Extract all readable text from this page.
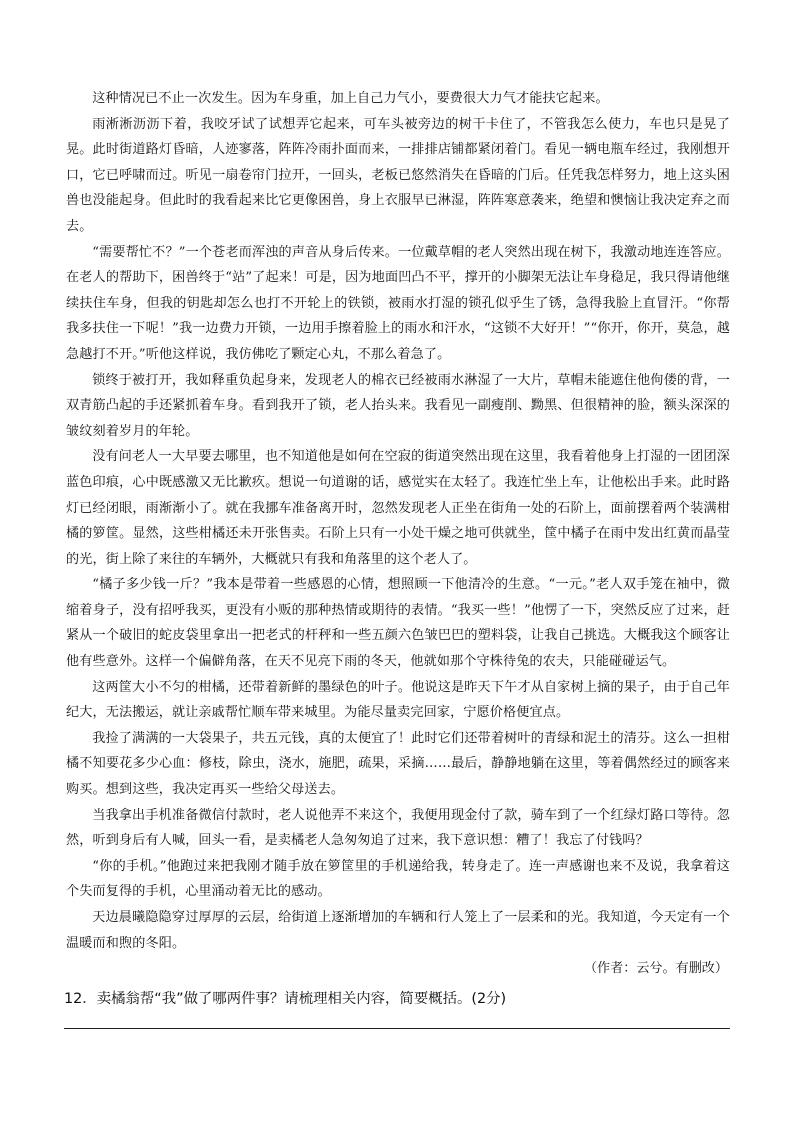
这种情况已不止一次发生。因为车身重，加上自己力气小，要费很大力气才能扶它起来。

雨淅淅沥沥下着，我咬牙试了试想弄它起来，可车头被旁边的树干卡住了，不管我怎么使力，车也只是晃了晃。此时街道路灯昏暗，人迹寥落，阵阵冷雨扑面而来，一排排店铺都紧闭着门。看见一辆电瓶车经过，我刚想开口，它已呼啸而过。听见一扇卷帘门拉开，一回头，老板已悠然消失在昏暗的门后。任凭我怎样努力，地上这头困兽也没能起身。但此时的我看起来比它更像困兽，身上衣服早已淋湿，阵阵寒意袭来，绝望和懊恼让我决定弃之而去。

“需要帮忙不？”一个苍老而浑浊的声音从身后传来。一位戴草帽的老人突然出现在树下，我激动地连连答应。在老人的帮助下，困兽终于“站”了起来！可是，因为地面凹凸不平，撑开的小脚架无法让车身稳足，我只得请他继续扶住车身，但我的钥匙却怎么也打不开轮上的铁锁，被雨水打湿的锁孔似乎生了锈，急得我脸上直冒汗。“你帮我多扶住一下呢！”我一边费力开锁，一边用手擦着脸上的雨水和汗水，“这锁不大好开！”“你开，你开，莫急，越急越打不开。”听他这样说，我仿佛吃了颗定心丸，不那么着急了。

锁终于被打开，我如释重负起身来，发现老人的棉衣已经被雨水淋湿了一大片，草帽未能遮住他佝偻的背，一双青筋凸起的手还紧抓着车身。看到我开了锁，老人抬头来。我看见一副瘦削、黝黑、但很精神的脸，额头深深的皱纹刻着岁月的年轮。

没有问老人一大早要去哪里，也不知道他是如何在空寂的街道突然出现在这里，我看着他身上打湿的一团团深蓝色印痕，心中既感激又无比歉疚。想说一句道谢的话，感觉实在太轻了。我连忙坐上车，让他松出手来。此时路灯已经闭眼，雨渐渐小了。就在我挪车准备离开时，忽然发现老人正坐在街角一处的石阶上，面前摆着两个装满柑橘的箩筐。显然，这些柑橘还未开张售卖。石阶上只有一小处干燥之地可供就坐，筐中橘子在雨中发出红黄而晶莹的光，街上除了来往的车辆外，大概就只有我和角落里的这个老人了。

“橘子多少钱一斤？”我本是带着一些感恩的心情，想照顾一下他清冷的生意。“一元。”老人双手笼在袖中，微缩着身子，没有招呼我买，更没有小贩的那种热情或期待的表情。“我买一些！”他愣了一下，突然反应了过来，赶紧从一个破旧的蛇皮袋里拿出一把老式的杆秤和一些五颜六色皱巴巴的塑料袋，让我自己挑选。大概我这个顾客让他有些意外。这样一个偏僻角落，在天不见亮下雨的冬天，他就如那个守株待兔的农夫，只能碰碰运气。

这两筐大小不匀的柑橘，还带着新鲜的墨绿色的叶子。他说这是昨天下午才从自家树上摘的果子，由于自己年纪大，无法搬运，就让亲戚帮忙顺车带来城里。为能尽量卖完回家，宁愿价格便宜点。

我捡了满满的一大袋果子，共五元钱，真的太便宜了！此时它们还带着树叶的青绿和泥土的清芬。这么一担柑橘不知要花多少心血：修枝，除虫，浇水，施肥，疏果，采摘……最后，静静地躺在这里，等着偶然经过的顾客来购买。想到这些，我决定再买一些给父母送去。

当我拿出手机准备微信付款时，老人说他弄不来这个，我便用现金付了款，骑车到了一个红绿灯路口等待。忽然，听到身后有人喊，回头一看，是卖橘老人急匆匆追了过来，我下意识想：糟了！我忘了付钱吗？

“你的手机。”他跑过来把我刚才随手放在箩筐里的手机递给我，转身走了。连一声感谢也来不及说，我拿着这个失而复得的手机，心里涌动着无比的感动。

天边晨曦隐隐穿过厚厚的云层，给街道上逐渐增加的车辆和行人笼上了一层柔和的光。我知道，今天定有一个温暖而和煦的冬阳。

（作者：云兮。有删改）

12．卖橘翁帮“我”做了哪两件事？请梳理相关内容，简要概括。(2分)
